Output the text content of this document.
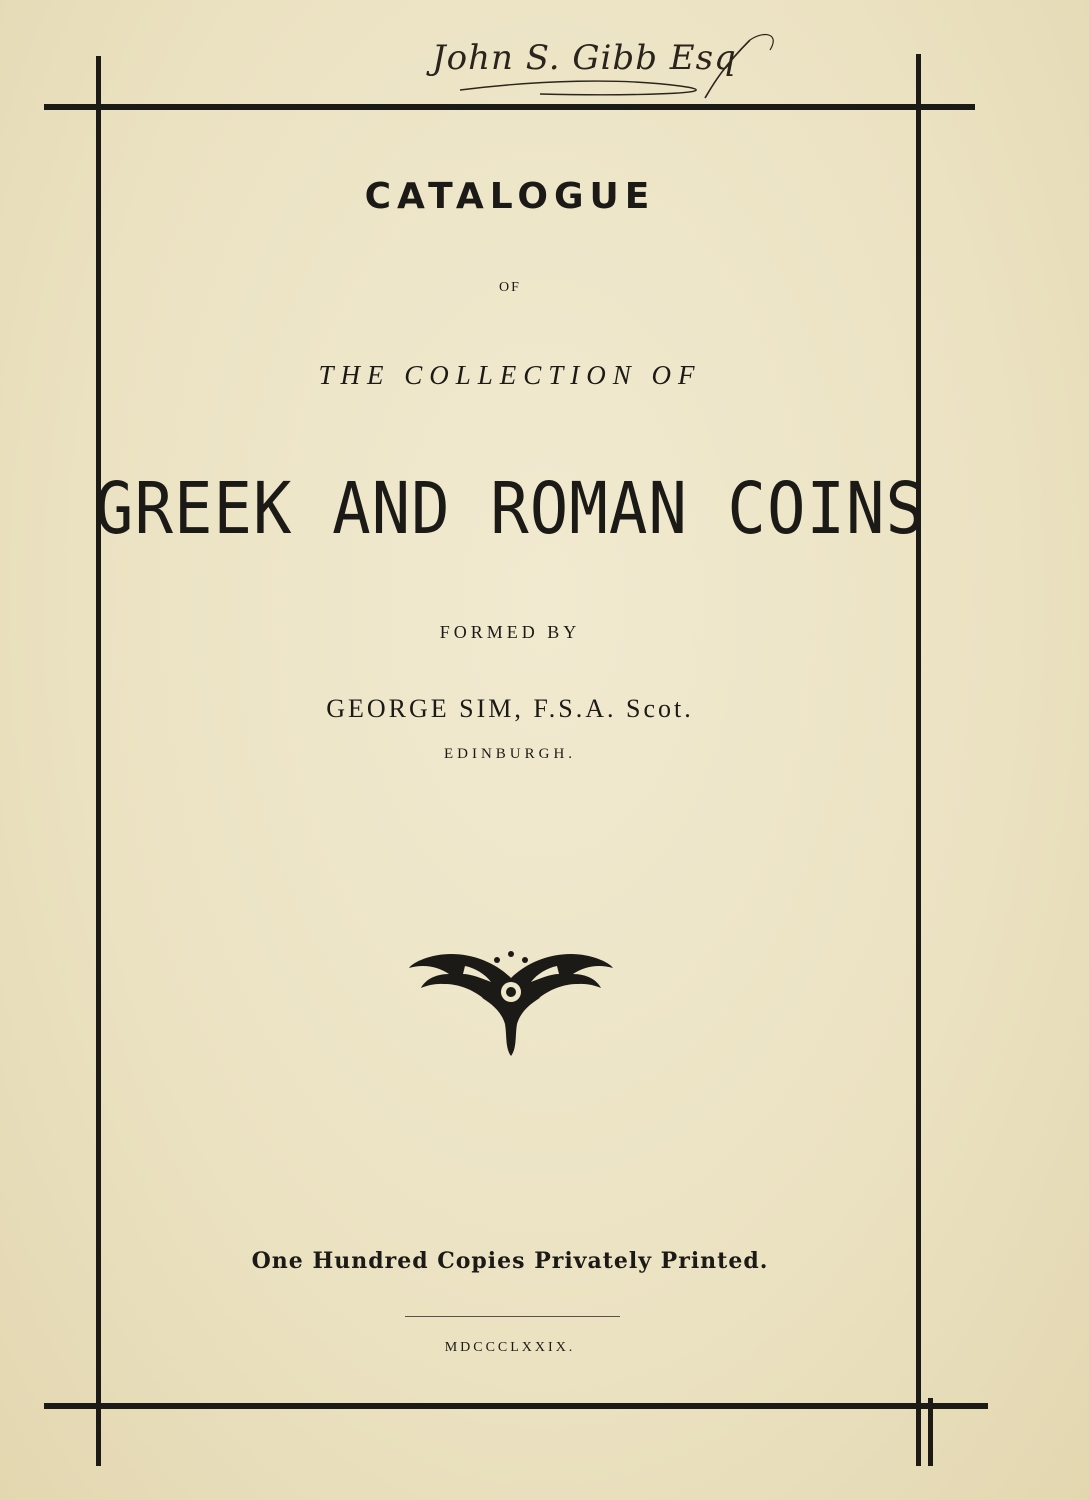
John S. Gibb Esq
CATALOGUE
OF
THE COLLECTION OF
GREEK AND ROMAN COINS
FORMED BY
GEORGE SIM, F.S.A. Scot.
EDINBURGH.
One Hundred Copies Privately Printed.
MDCCCLXXIX.
